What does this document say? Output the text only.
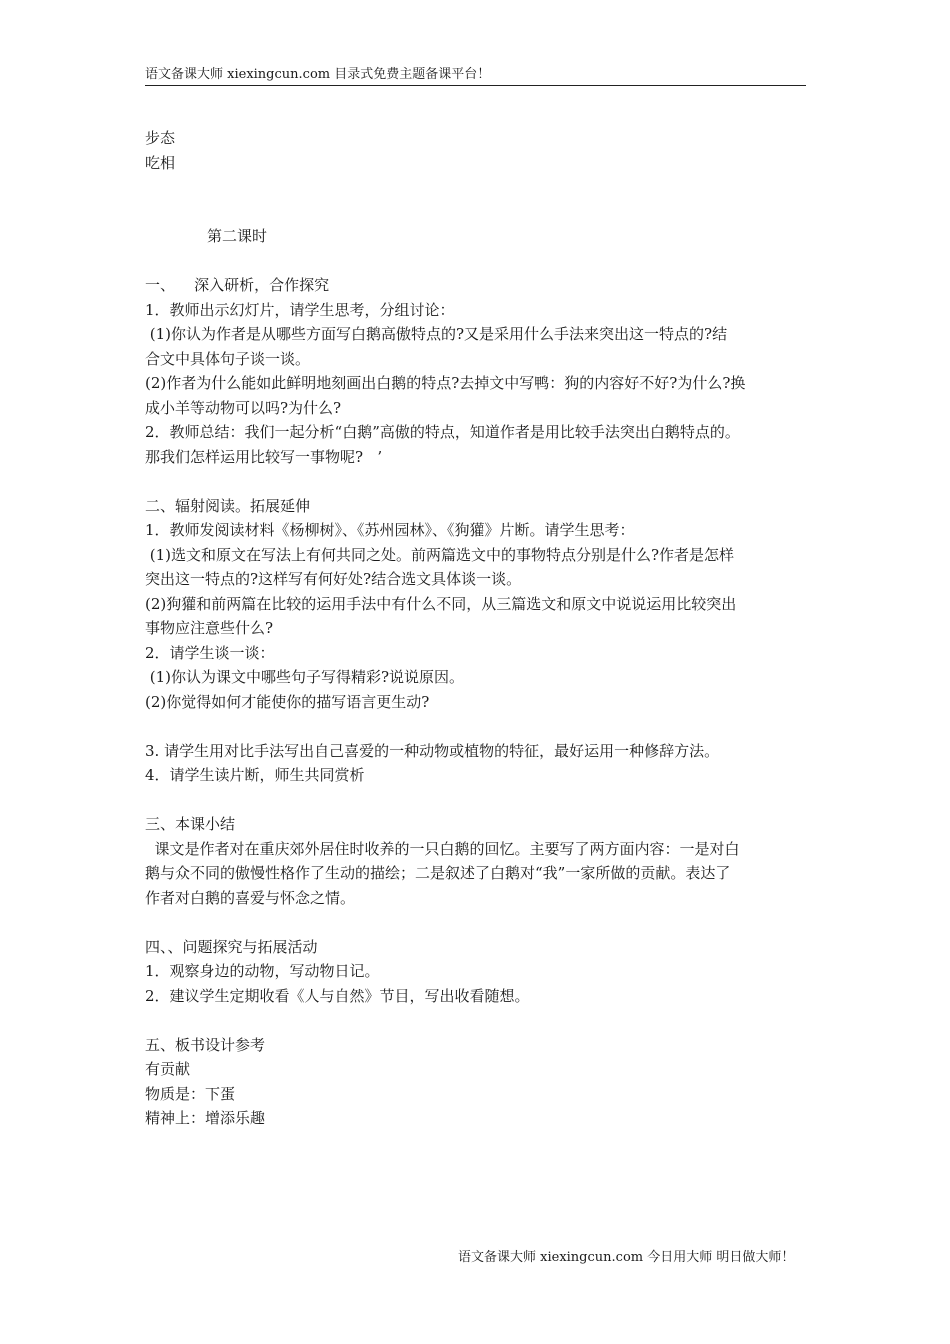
语文备课大师 xiexingcun.com 目录式免费主题备课平台！
步态
吃相
第二课时
一、    深入研析，合作探究
1．教师出示幻灯片，请学生思考，分组讨论：
(1)你认为作者是从哪些方面写白鹅高傲特点的?又是采用什么手法来突出这一特点的?结
合文中具体句子谈一谈。
(2)作者为什么能如此鲜明地刻画出白鹅的特点?去掉文中写鸭：狗的内容好不好?为什么?换
成小羊等动物可以吗?为什么?
2．教师总结：我们一起分析“白鹅”高傲的特点，知道作者是用比较手法突出白鹅特点的。
那我们怎样运用比较写一事物呢?   ’
二、辐射阅读。拓展延伸
1．教师发阅读材料《杨柳树》、《苏州园林》、《狗獾》片断。请学生思考：
(1)选文和原文在写法上有何共同之处。前两篇选文中的事物特点分别是什么?作者是怎样
突出这一特点的?这样写有何好处?结合选文具体谈一谈。
(2)狗獾和前两篇在比较的运用手法中有什么不同，从三篇选文和原文中说说运用比较突出
事物应注意些什么?
2．请学生谈一谈：
(1)你认为课文中哪些句子写得精彩?说说原因。
(2)你觉得如何才能使你的描写语言更生动?
3. 请学生用对比手法写出自己喜爱的一种动物或植物的特征，最好运用一种修辞方法。
4．请学生读片断，师生共同赏析
三、本课小结
课文是作者对在重庆郊外居住时收养的一只白鹅的回忆。主要写了两方面内容：一是对白
鹅与众不同的傲慢性格作了生动的描绘；二是叙述了白鹅对“我”一家所做的贡献。表达了
作者对白鹅的喜爱与怀念之情。
四、、问题探究与拓展活动
1．观察身边的动物，写动物日记。
2．建议学生定期收看《人与自然》节目，写出收看随想。
五、板书设计参考
有贡献
物质是：下蛋
精神上：增添乐趣
语文备课大师 xiexingcun.com 今日用大师 明日做大师！
